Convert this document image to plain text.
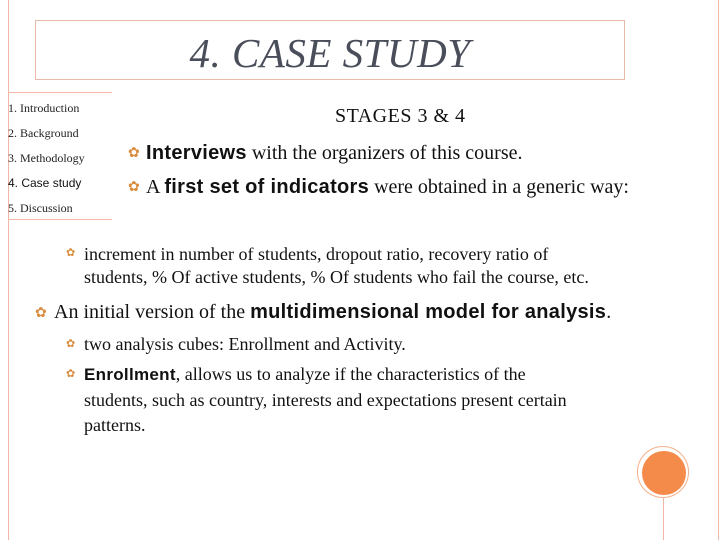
4. CASE STUDY
1. Introduction
2. Background
3. Methodology
4. Case study
5. Discussion
STAGES 3 & 4
✿ Interviews with the organizers of this course.
✿ A first set of indicators were obtained in a generic way:
✿ increment in number of students, dropout ratio, recovery ratio of
students, % Of active students, % Of students who fail the course, etc.
✿ An initial version of the multidimensional model for analysis.
✿ two analysis cubes: Enrollment and Activity.
✿ Enrollment, allows us to analyze if the characteristics of the
students, such as country, interests and expectations present certain
patterns.
